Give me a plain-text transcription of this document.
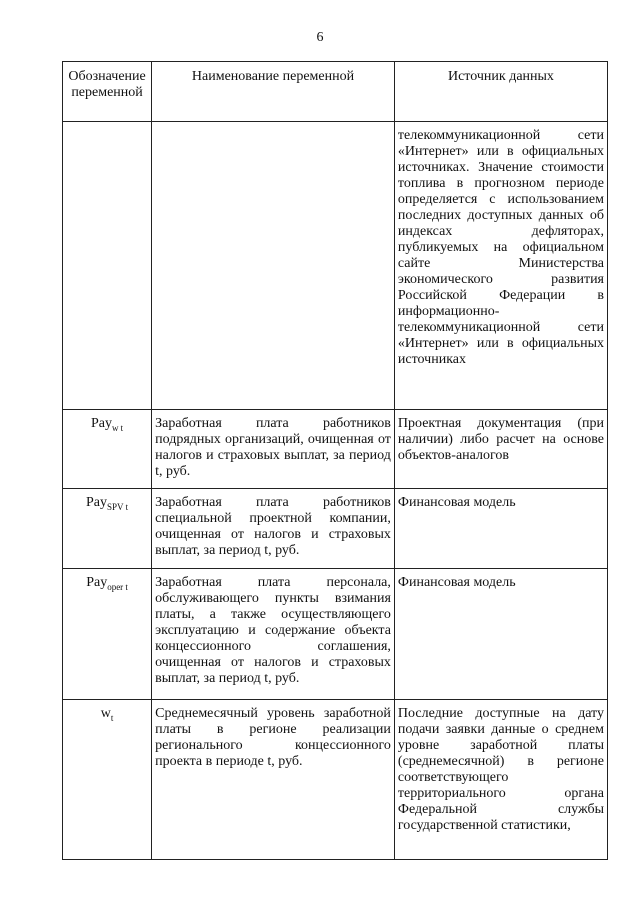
6
Обозначение переменной	Наименование переменной	Источник данных
		телекоммуникационной сети «Интернет» или в официальных источниках. Значение стоимости топлива в прогнозном периоде определяется с использованием последних доступных данных об индексах дефляторах, публикуемых на официальном сайте Министерства экономического развития Российской Федерации в информационно-телекоммуникационной сети «Интернет» или в официальных источниках
Pay$_{w t}$	Заработная плата работников подрядных организаций, очищенная от налогов и страховых выплат, за период t, руб.	Проектная документация (при наличии) либо расчет на основе объектов-аналогов
Pay$_{SPV t}$	Заработная плата работников специальной проектной компании, очищенная от налогов и страховых выплат, за период t, руб.	Финансовая модель
Pay$_{oper t}$	Заработная плата персонала, обслуживающего пункты взимания платы, а также осуществляющего эксплуатацию и содержание объекта концессионного соглашения, очищенная от налогов и страховых выплат, за период t, руб.	Финансовая модель
$w_t$	Среднемесячный уровень заработной платы в регионе реализации регионального концессионного проекта в периоде t, руб.	Последние доступные на дату подачи заявки данные о среднем уровне заработной платы (среднемесячной) в регионе соответствующего территориального органа Федеральной службы государственной статистики,
